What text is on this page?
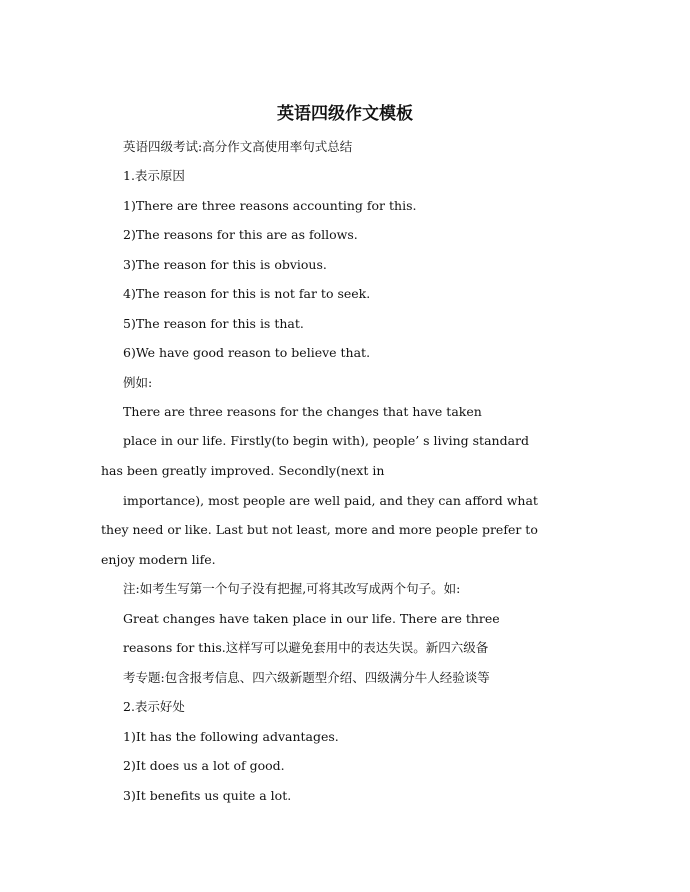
英语四级作文模板

英语四级考试:高分作文高使用率句式总结

1.表示原因

1)There are three reasons accounting for this.

2)The reasons for this are as follows.

3)The reason for this is obvious.

4)The reason for this is not far to seek.

5)The reason for this is that.

6)We have good reason to believe that.

例如:

There are three reasons for the changes that have taken

place in our life. Firstly(to begin with), people’ s living standard

has been greatly improved. Secondly(next in

importance), most people are well paid, and they can afford what

they need or like. Last but not least, more and more people prefer to

enjoy modern life.

注:如考生写第一个句子没有把握,可将其改写成两个句子。如:

Great changes have taken place in our life. There are three

reasons for this.这样写可以避免套用中的表达失误。新四六级备

考专题:包含报考信息、四六级新题型介绍、四级满分牛人经验谈等

2.表示好处

1)It has the following advantages.

2)It does us a lot of good.

3)It benefits us quite a lot.
